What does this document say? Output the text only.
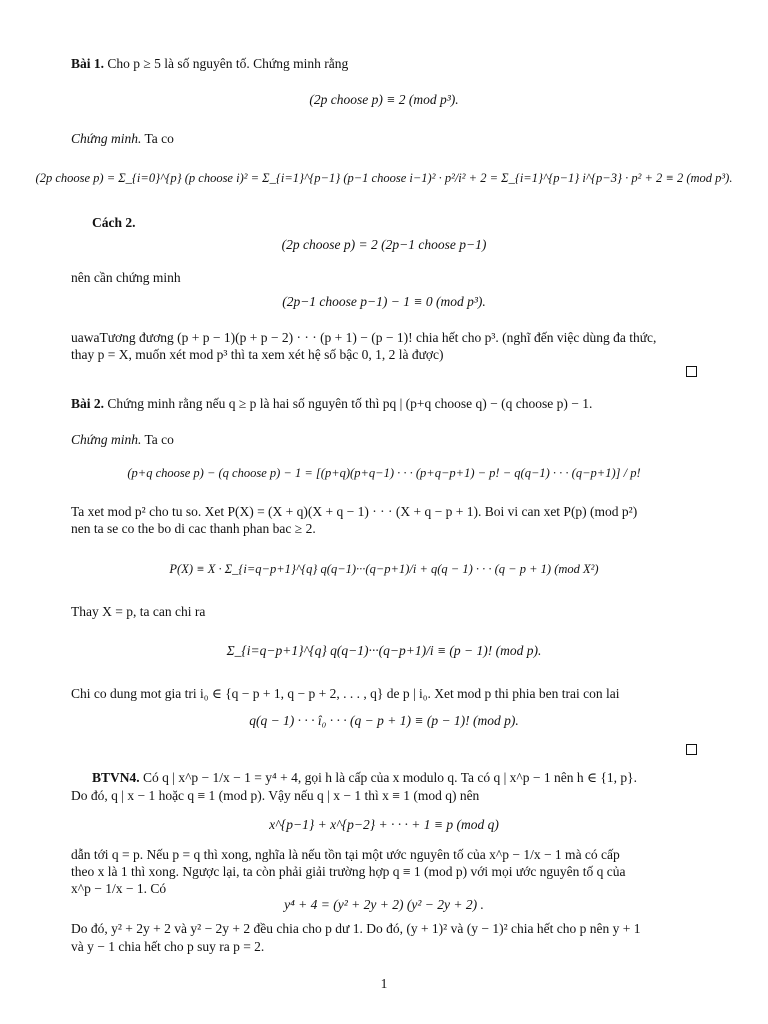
Bài 1. Cho p ≥ 5 là số nguyên tố. Chứng minh rằng
(2p choose p) ≡ 2 (mod p³).
Chứng minh. Ta co
(2p choose p) = Σ_{i=0}^{p} (p choose i)² = Σ_{i=1}^{p−1} (p−1 choose i−1)² · p²/i² + 2 = Σ_{i=1}^{p−1} i^{p−3} · p² + 2 ≡ 2 (mod p³).
Cách 2.
(2p choose p) = 2 (2p−1 choose p−1)
nên cần chứng minh
(2p−1 choose p−1) − 1 ≡ 0 (mod p³).
uawaTương đương (p + p − 1)(p + p − 2) · · · (p + 1) − (p − 1)! chia hết cho p³. (nghĩ đến việc dùng đa thức,
thay p = X, muốn xét mod p³ thì ta xem xét hệ số bậc 0, 1, 2 là được)
Bài 2. Chứng minh rằng nếu q ≥ p là hai số nguyên tố thì pq | (p+q choose q) − (q choose p) − 1.
Chứng minh. Ta co
(p+q choose p) − (q choose p) − 1 = [(p+q)(p+q−1) · · · (p+q−p+1) − p! − q(q−1) · · · (q−p+1)] / p!
Ta xet mod p² cho tu so. Xet P(X) = (X + q)(X + q − 1) · · · (X + q − p + 1). Boi vi can xet P(p) (mod p²)
nen ta se co the bo di cac thanh phan bac ≥ 2.
P(X) ≡ X · Σ_{i=q−p+1}^{q} q(q−1)···(q−p+1)/i + q(q − 1) · · · (q − p + 1) (mod X²)
Thay X = p, ta can chi ra
Σ_{i=q−p+1}^{q} q(q−1)···(q−p+1)/i ≡ (p − 1)! (mod p).
Chi co dung mot gia tri i₀ ∈ {q − p + 1, q − p + 2, . . . , q} de p | i₀. Xet mod p thi phia ben trai con lai
q(q − 1) · · · î₀ · · · (q − p + 1) ≡ (p − 1)! (mod p).
BTVN4. Có q | x^p − 1/x − 1 = y⁴ + 4, gọi h là cấp của x modulo q. Ta có q | x^p − 1 nên h ∈ {1, p}.
Do đó, q | x − 1 hoặc q ≡ 1 (mod p). Vậy nếu q | x − 1 thì x ≡ 1 (mod q) nên
x^{p−1} + x^{p−2} + · · · + 1 ≡ p (mod q)
dẫn tới q = p. Nếu p = q thì xong, nghĩa là nếu tồn tại một ước nguyên tố của x^p − 1/x − 1 mà có cấp
theo x là 1 thì xong. Ngược lại, ta còn phải giải trường hợp q ≡ 1 (mod p) với mọi ước nguyên tố q của
x^p − 1/x − 1. Có
y⁴ + 4 = (y² + 2y + 2) (y² − 2y + 2) .
Do đó, y² + 2y + 2 và y² − 2y + 2 đều chia cho p dư 1. Do đó, (y + 1)² và (y − 1)² chia hết cho p nên y + 1
và y − 1 chia hết cho p suy ra p = 2.
1
